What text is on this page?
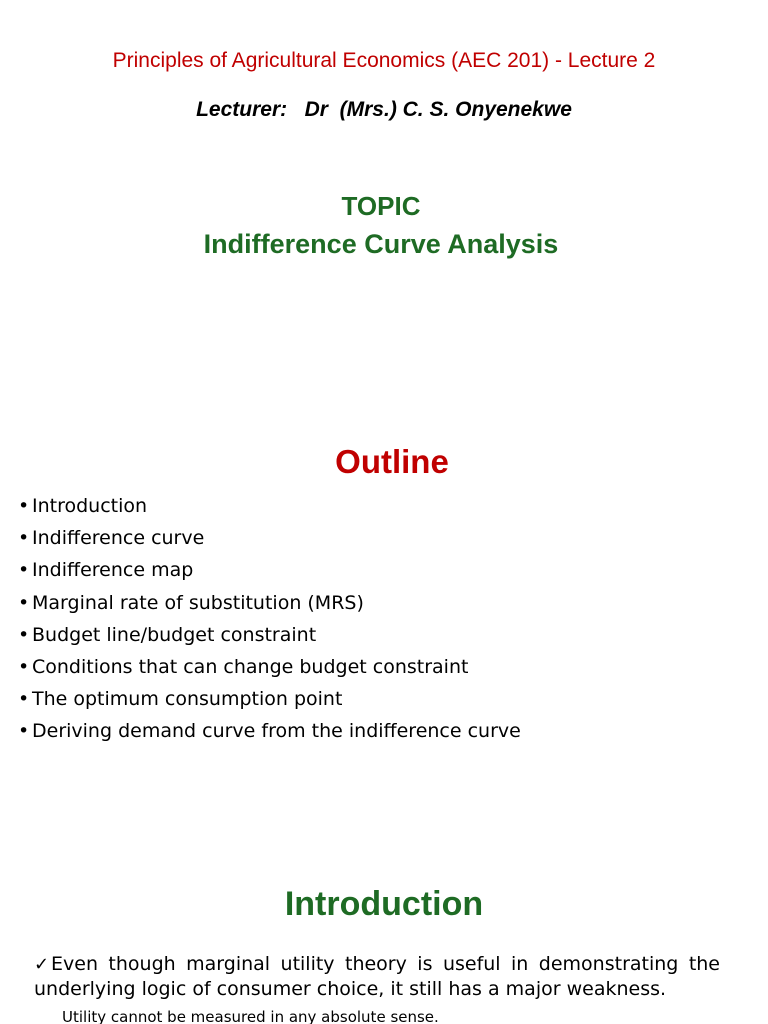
Principles of Agricultural Economics (AEC 201) - Lecture 2
Lecturer:   Dr  (Mrs.) C. S. Onyenekwe
TOPIC
Indifference Curve Analysis
Outline
• Introduction
• Indifference curve
• Indifference map
• Marginal rate of substitution (MRS)
• Budget line/budget constraint
• Conditions that can change budget constraint
• The optimum consumption point
• Deriving demand curve from the indifference curve
Introduction
✓ Even though marginal utility theory is useful in demonstrating the underlying logic of consumer choice, it still has a major weakness.
Utility cannot be measured in any absolute sense.
